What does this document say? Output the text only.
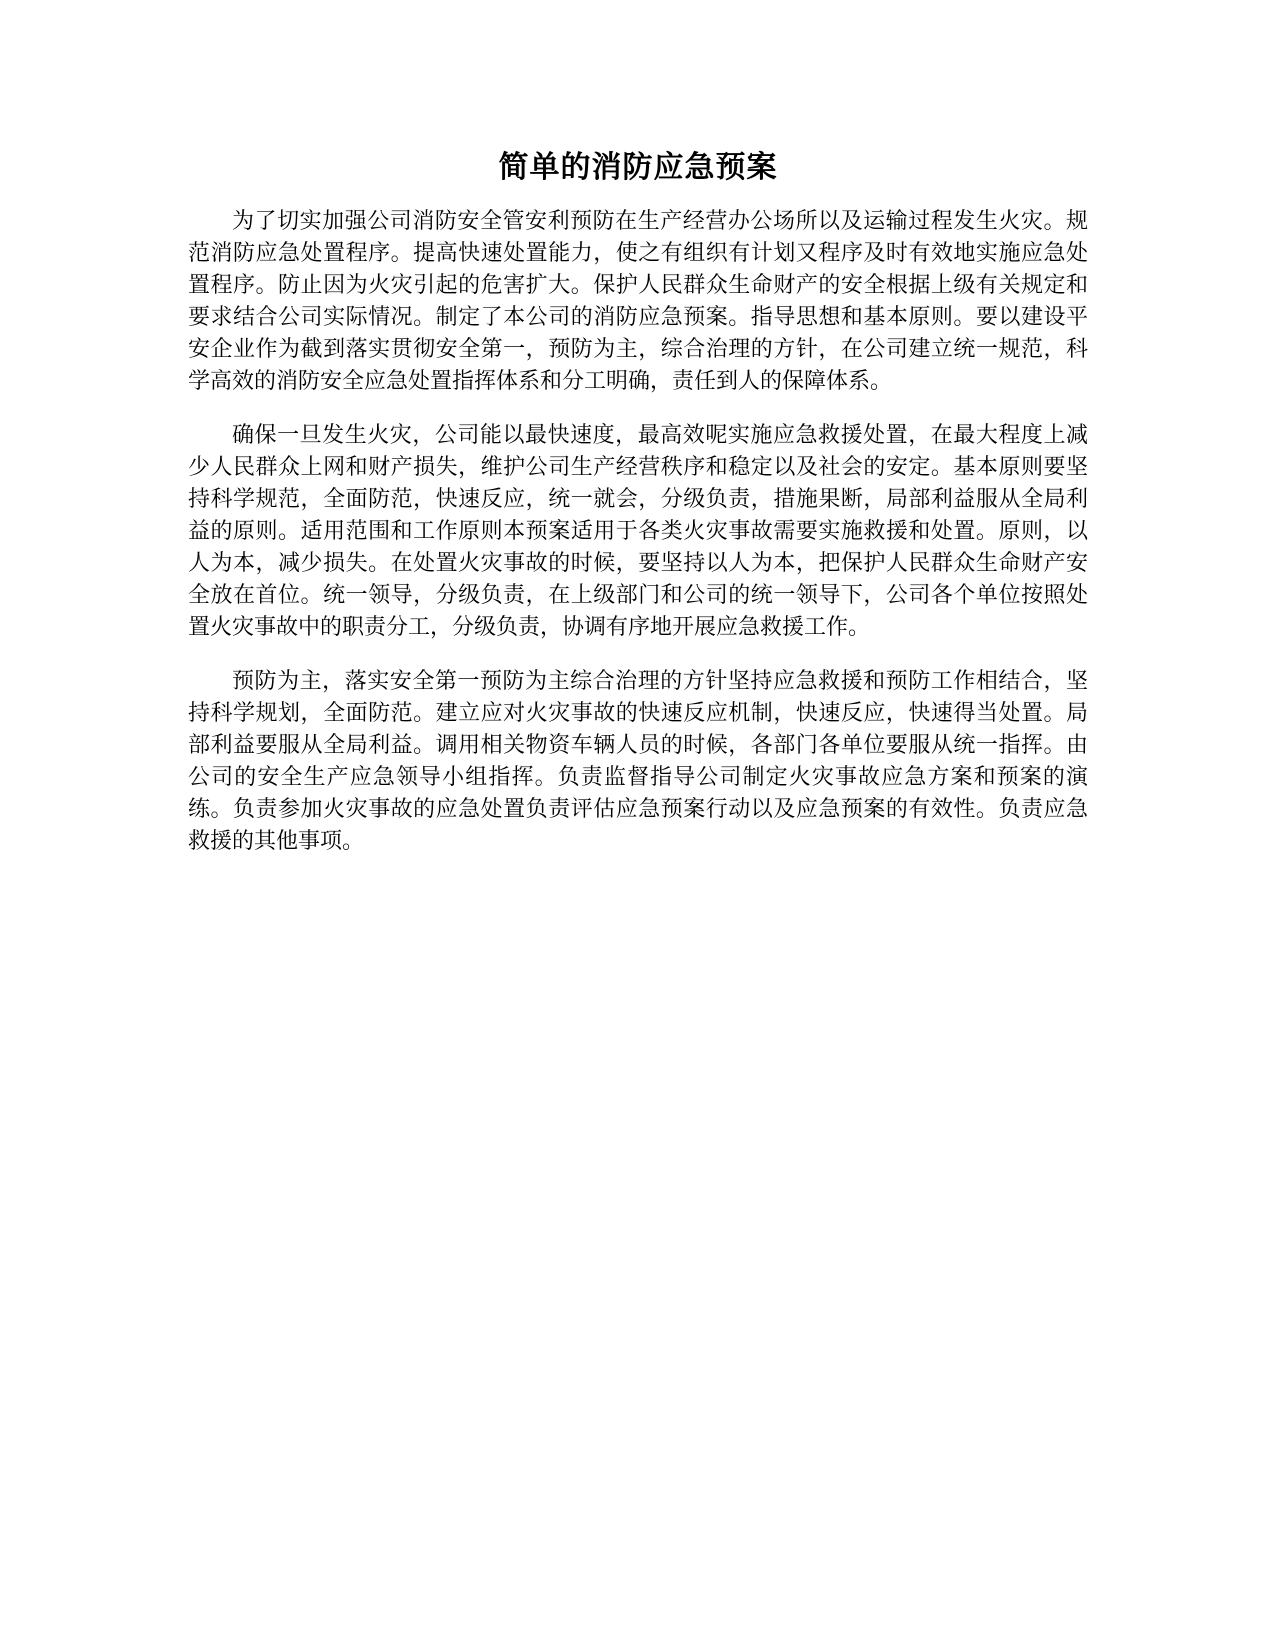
简单的消防应急预案

为了切实加强公司消防安全管安利预防在生产经营办公场所以及运输过程发生火灾。规范消防应急处置程序。提高快速处置能力，使之有组织有计划又程序及时有效地实施应急处置程序。防止因为火灾引起的危害扩大。保护人民群众生命财产的安全根据上级有关规定和要求结合公司实际情况。制定了本公司的消防应急预案。指导思想和基本原则。要以建设平安企业作为截到落实贯彻安全第一，预防为主，综合治理的方针，在公司建立统一规范，科学高效的消防安全应急处置指挥体系和分工明确，责任到人的保障体系。

确保一旦发生火灾，公司能以最快速度，最高效呢实施应急救援处置，在最大程度上减少人民群众上网和财产损失，维护公司生产经营秩序和稳定以及社会的安定。基本原则要坚持科学规范，全面防范，快速反应，统一就会，分级负责，措施果断，局部利益服从全局利益的原则。适用范围和工作原则本预案适用于各类火灾事故需要实施救援和处置。原则，以人为本，减少损失。在处置火灾事故的时候，要坚持以人为本，把保护人民群众生命财产安全放在首位。统一领导，分级负责，在上级部门和公司的统一领导下，公司各个单位按照处置火灾事故中的职责分工，分级负责，协调有序地开展应急救援工作。

预防为主，落实安全第一预防为主综合治理的方针坚持应急救援和预防工作相结合，坚持科学规划，全面防范。建立应对火灾事故的快速反应机制，快速反应，快速得当处置。局部利益要服从全局利益。调用相关物资车辆人员的时候，各部门各单位要服从统一指挥。由公司的安全生产应急领导小组指挥。负责监督指导公司制定火灾事故应急方案和预案的演练。负责参加火灾事故的应急处置负责评估应急预案行动以及应急预案的有效性。负责应急救援的其他事项。
